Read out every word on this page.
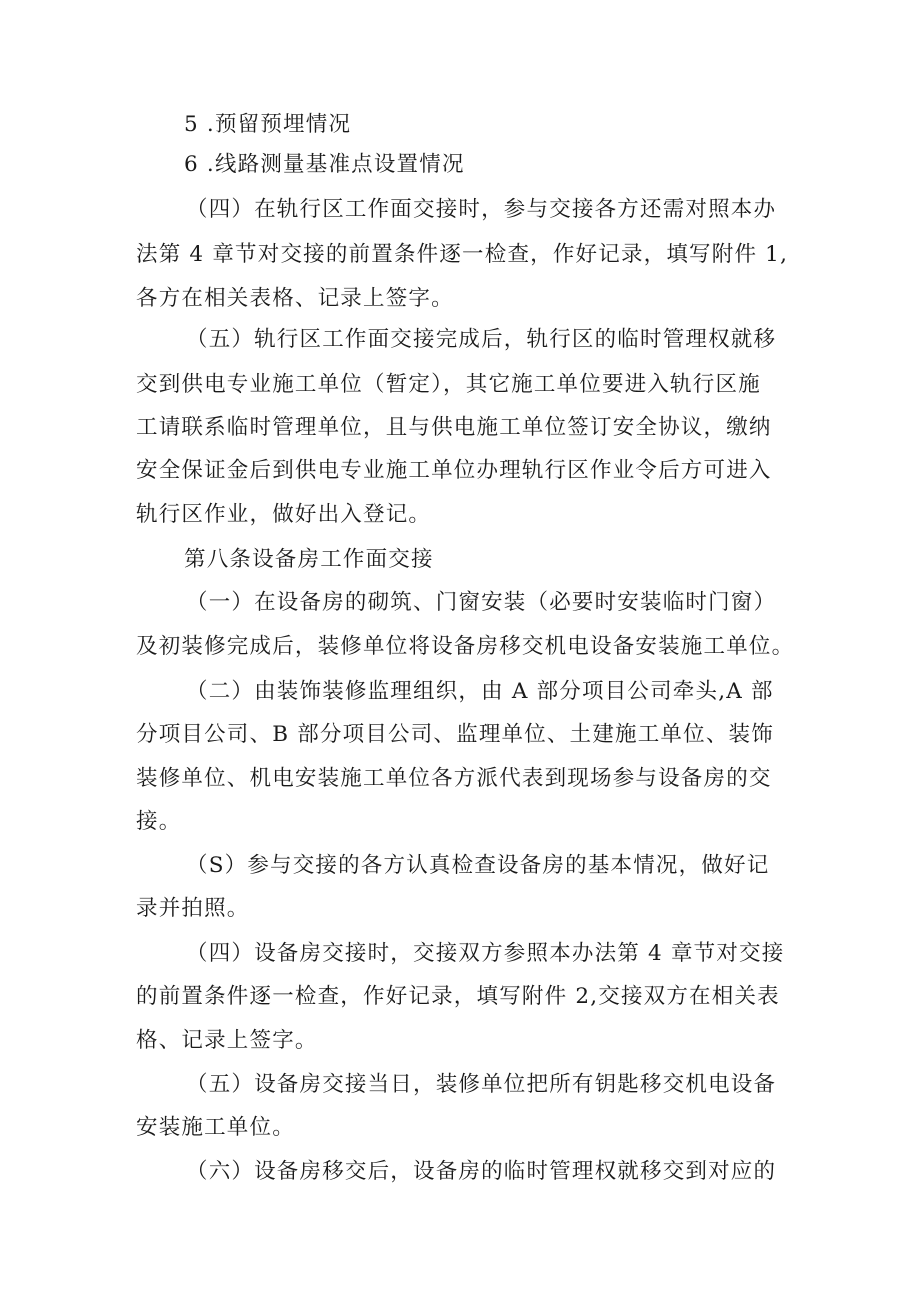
5 .预留预埋情况
6 .线路测量基准点设置情况
（四）在轨行区工作面交接时，参与交接各方还需对照本办
法第 4 章节对交接的前置条件逐一检查，作好记录，填写附件 1,
各方在相关表格、记录上签字。
（五）轨行区工作面交接完成后，轨行区的临时管理权就移
交到供电专业施工单位（暂定），其它施工单位要进入轨行区施
工请联系临时管理单位，且与供电施工单位签订安全协议，缴纳
安全保证金后到供电专业施工单位办理轨行区作业令后方可进入
轨行区作业，做好出入登记。
第八条设备房工作面交接
（一）在设备房的砌筑、门窗安装（必要时安装临时门窗）
及初装修完成后，装修单位将设备房移交机电设备安装施工单位。
（二）由装饰装修监理组织，由 A 部分项目公司牵头,A 部
分项目公司、B 部分项目公司、监理单位、土建施工单位、装饰
装修单位、机电安装施工单位各方派代表到现场参与设备房的交
接。
（S）参与交接的各方认真检查设备房的基本情况，做好记
录并拍照。
（四）设备房交接时，交接双方参照本办法第 4 章节对交接
的前置条件逐一检查，作好记录，填写附件 2,交接双方在相关表
格、记录上签字。
（五）设备房交接当日，装修单位把所有钥匙移交机电设备
安装施工单位。
（六）设备房移交后，设备房的临时管理权就移交到对应的
